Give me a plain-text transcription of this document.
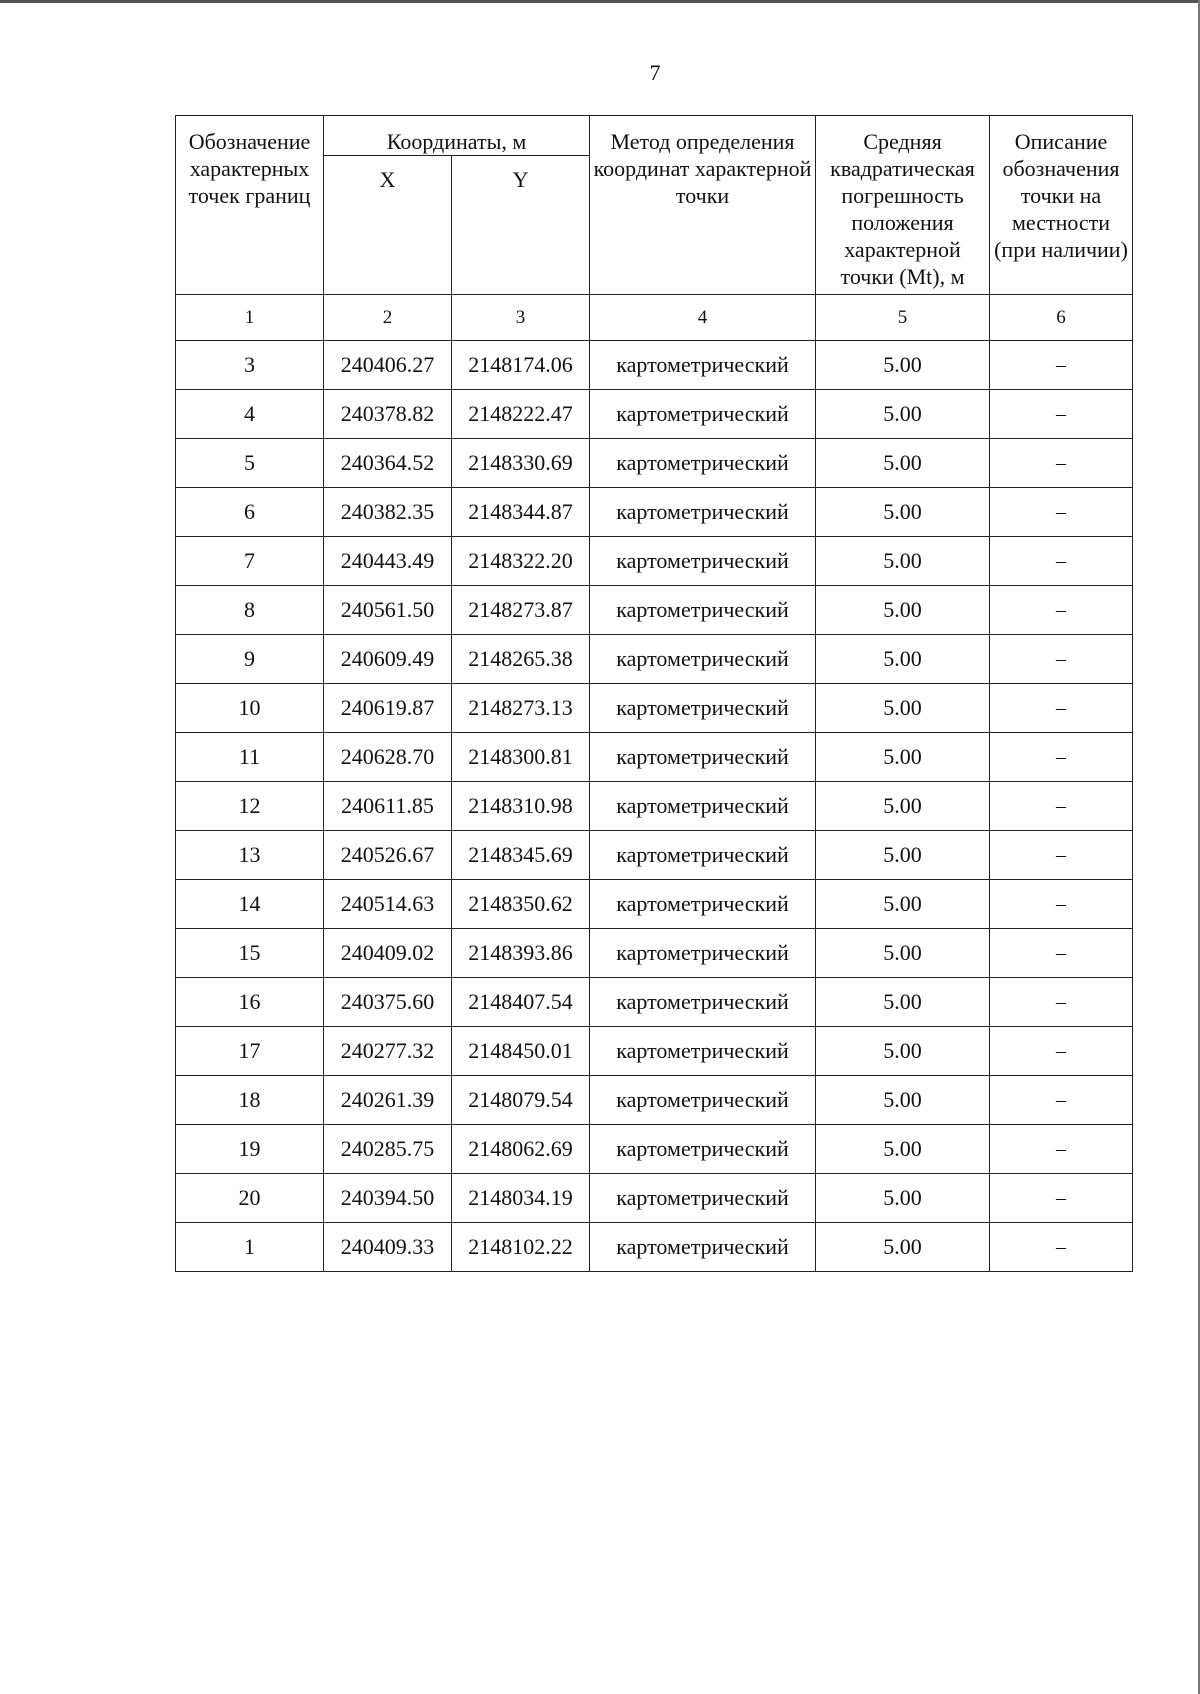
7
Обозначение характерных точек границ	Координаты, м		Метод определения координат характерной точки	Средняя квадратическая погрешность положения характерной точки (Mt), м	Описание обозначения точки на местности (при наличии)
	X	Y			
1	2	3	4	5	6
3	240406.27	2148174.06	картометрический	5.00	–
4	240378.82	2148222.47	картометрический	5.00	–
5	240364.52	2148330.69	картометрический	5.00	–
6	240382.35	2148344.87	картометрический	5.00	–
7	240443.49	2148322.20	картометрический	5.00	–
8	240561.50	2148273.87	картометрический	5.00	–
9	240609.49	2148265.38	картометрический	5.00	–
10	240619.87	2148273.13	картометрический	5.00	–
11	240628.70	2148300.81	картометрический	5.00	–
12	240611.85	2148310.98	картометрический	5.00	–
13	240526.67	2148345.69	картометрический	5.00	–
14	240514.63	2148350.62	картометрический	5.00	–
15	240409.02	2148393.86	картометрический	5.00	–
16	240375.60	2148407.54	картометрический	5.00	–
17	240277.32	2148450.01	картометрический	5.00	–
18	240261.39	2148079.54	картометрический	5.00	–
19	240285.75	2148062.69	картометрический	5.00	–
20	240394.50	2148034.19	картометрический	5.00	–
1	240409.33	2148102.22	картометрический	5.00	–
